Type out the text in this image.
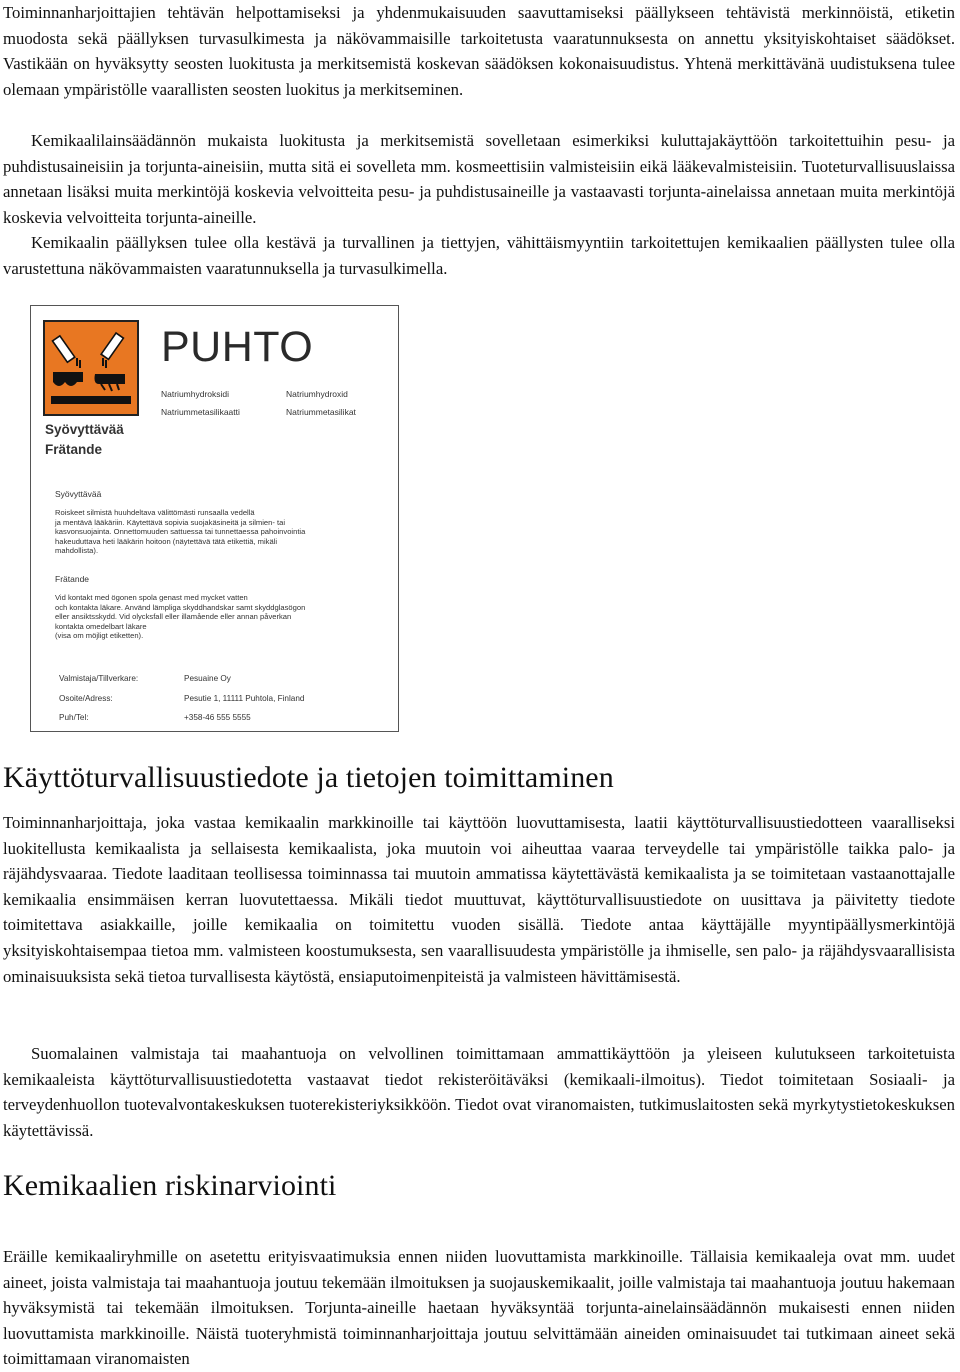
Toiminnanharjoittajien tehtävän helpottamiseksi ja yhdenmukaisuuden saavuttamiseksi päällykseen tehtävistä merkinnöistä, etiketin muodosta sekä päällyksen turvasulkimesta ja näkövammaisille tarkoitetusta vaaratunnuksesta on annettu yksityiskohtaiset säädökset. Vastikään on hyväksytty seosten luokitusta ja merkitsemistä koskevan säädöksen kokonaisuudistus. Yhtenä merkittävänä uudistuksena tulee olemaan ympäristölle vaarallisten seosten luokitus ja merkitseminen.

Kemikaalilainsäädännön mukaista luokitusta ja merkitsemistä sovelletaan esimerkiksi kuluttajakäyttöön tarkoitettuihin pesu- ja puhdistusaineisiin ja torjunta-aineisiin, mutta sitä ei sovelleta mm. kosmeettisiin valmisteisiin eikä lääkevalmisteisiin. Tuoteturvallisuuslaissa annetaan lisäksi muita merkintöjä koskevia velvoitteita pesu- ja puhdistusaineille ja vastaavasti torjunta-ainelaissa annetaan muita merkintöjä koskevia velvoitteita torjunta-aineille.

Kemikaalin päällyksen tulee olla kestävä ja turvallinen ja tiettyjen, vähittäismyyntiin tarkoitettujen kemikaalien päällysten tulee olla varustettuna näkövammaisten vaaratunnuksella ja turvasulkimella.

PUHTO
Natriumhydroksidi	Natriumhydroxid
Natriummetasilikaatti	Natriummetasilikat
Syövyttävää
Frätande
Syövyttävää
Roiskeet silmistä huuhdeltava välittömästi runsaalla vedellä
ja mentävä lääkäriin. Käytettävä sopivia suojakäsineitä ja silmien- tai
kasvonsuojainta. Onnettomuuden sattuessa tai tunnettaessa pahoinvointia
hakeuduttava heti lääkärin hoitoon (näytettävä tätä etikettiä, mikäli
mahdollista).
Frätande
Vid kontakt med ögonen spola genast med mycket vatten
och kontakta läkare. Använd lämpliga skyddhandskar samt skyddglasögon
eller ansiktsskydd. Vid olycksfall eller illamående eller annan påverkan
kontakta omedelbart läkare
(visa om möjligt etiketten).
Valmistaja/Tillverkare:	Pesuaine Oy
Osoite/Adress:	Pesutie 1, 11111 Puhtola, Finland
Puh/Tel:	+358-46 555 5555
Käyttöturvallisuustiedote ja tietojen toimittaminen

Toiminnanharjoittaja, joka vastaa kemikaalin markkinoille tai käyttöön luovuttamisesta, laatii käyttöturvallisuustiedotteen vaaralliseksi luokitellusta kemikaalista ja sellaisesta kemikaalista, joka muutoin voi aiheuttaa vaaraa terveydelle tai ympäristölle taikka palo- ja räjähdysvaaraa. Tiedote laaditaan teollisessa toiminnassa tai muutoin ammatissa käytettävästä kemikaalista ja se toimitetaan vastaanottajalle kemikaalia ensimmäisen kerran luovutettaessa. Mikäli tiedot muuttuvat, käyttöturvallisuustiedote on uusittava ja päivitetty tiedote toimitettava asiakkaille, joille kemikaalia on toimitettu vuoden sisällä. Tiedote antaa käyttäjälle myyntipäällysmerkintöjä yksityiskohtaisempaa tietoa mm. valmisteen koostumuksesta, sen vaarallisuudesta ympäristölle ja ihmiselle, sen palo- ja räjähdysvaarallisista ominaisuuksista sekä tietoa turvallisesta käytöstä, ensiaputoimenpiteistä ja valmisteen hävittämisestä.

Suomalainen valmistaja tai maahantuoja on velvollinen toimittamaan ammattikäyttöön ja yleiseen kulutukseen tarkoitetuista kemikaaleista käyttöturvallisuustiedotetta vastaavat tiedot rekisteröitäväksi (kemikaali-ilmoitus). Tiedot toimitetaan Sosiaali- ja terveydenhuollon tuotevalvontakeskuksen tuoterekisteriyksikköön. Tiedot ovat viranomaisten, tutkimuslaitosten sekä myrkytystietokeskuksen käytettävissä.

Kemikaalien riskinarviointi

Eräille kemikaaliryhmille on asetettu erityisvaatimuksia ennen niiden luovuttamista markkinoille. Tällaisia kemikaaleja ovat mm. uudet aineet, joista valmistaja tai maahantuoja joutuu tekemään ilmoituksen ja suojauskemikaalit, joille valmistaja tai maahantuoja joutuu hakemaan hyväksymistä tai tekemään ilmoituksen. Torjunta-aineille haetaan hyväksyntää torjunta-ainelainsäädännön mukaisesti ennen niiden luovuttamista markkinoille. Näistä tuoteryhmistä toiminnanharjoittaja joutuu selvittämään aineiden ominaisuudet tai tutkimaan aineet sekä toimittamaan viranomaisten
